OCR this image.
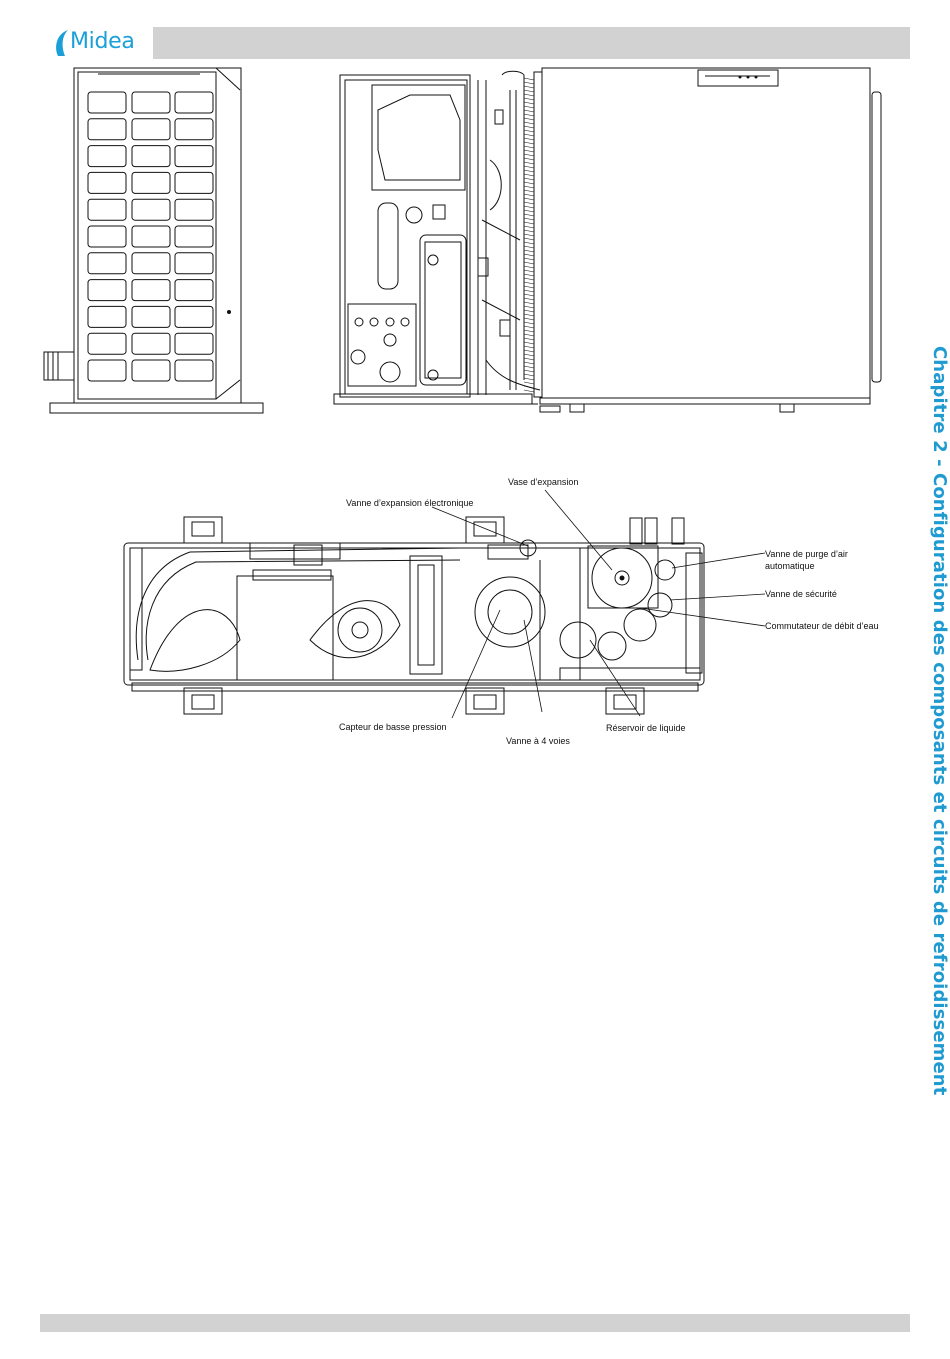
Midea
Chapitre 2 - Configuration des composants et circuits de refroidissement
Vase d’expansion
Vanne d’expansion électronique
Vanne de purge d’air
automatique
Vanne de sécurité
Commutateur de débit d’eau
Capteur de basse pression
Vanne à 4 voies
Réservoir de liquide
